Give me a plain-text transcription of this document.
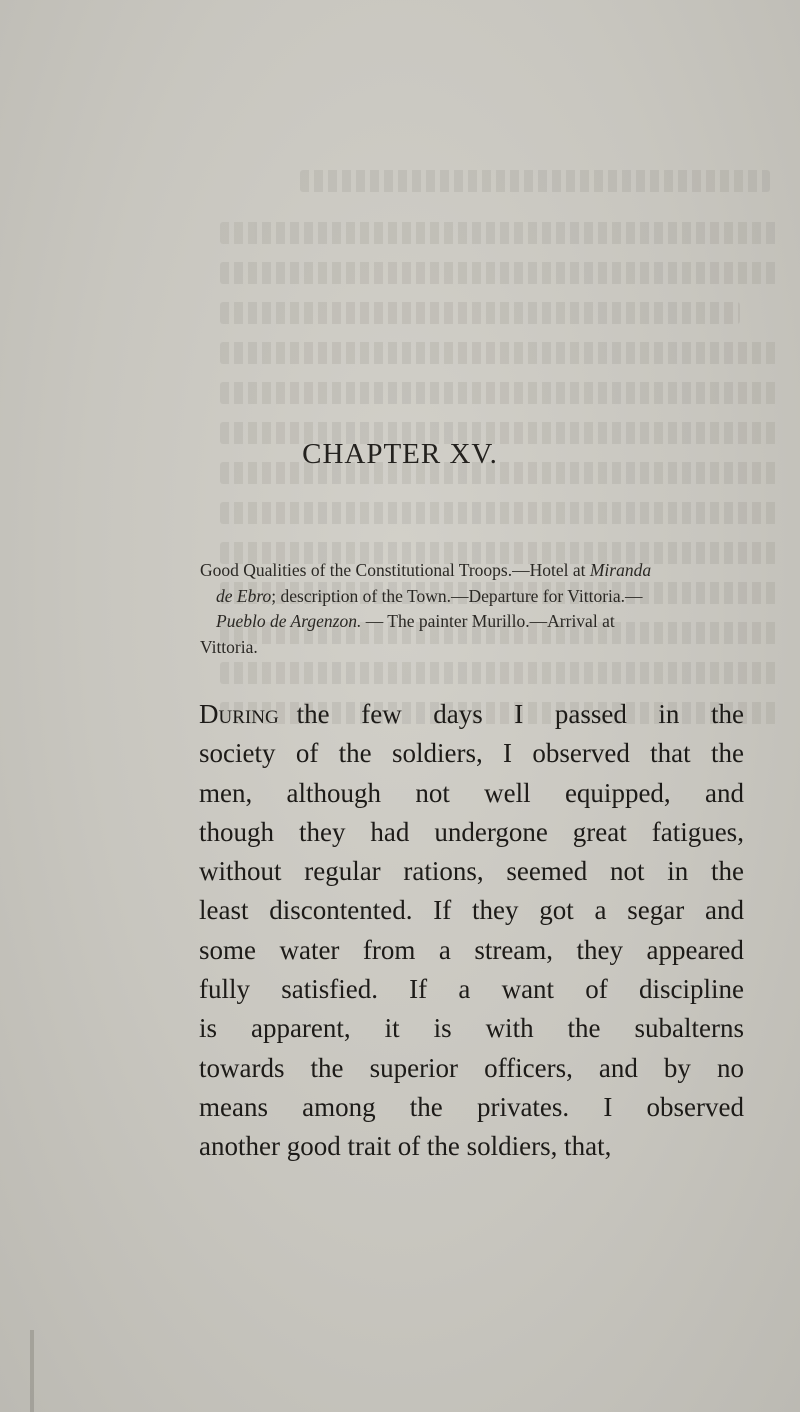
CHAPTER XV.
Good Qualities of the Constitutional Troops.—Hotel at Miranda
de Ebro; description of the Town.—Departure for Vittoria.—
Pueblo de Argenzon. — The painter Murillo.—Arrival at
Vittoria.
During the few days I passed in the
society of the soldiers, I observed that the
men, although not well equipped, and
though they had undergone great fatigues,
without regular rations, seemed not in the
least discontented. If they got a segar and
some water from a stream, they appeared
fully satisfied. If a want of discipline
is apparent, it is with the subalterns
towards the superior officers, and by no
means among the privates. I observed
another good trait of the soldiers, that,
